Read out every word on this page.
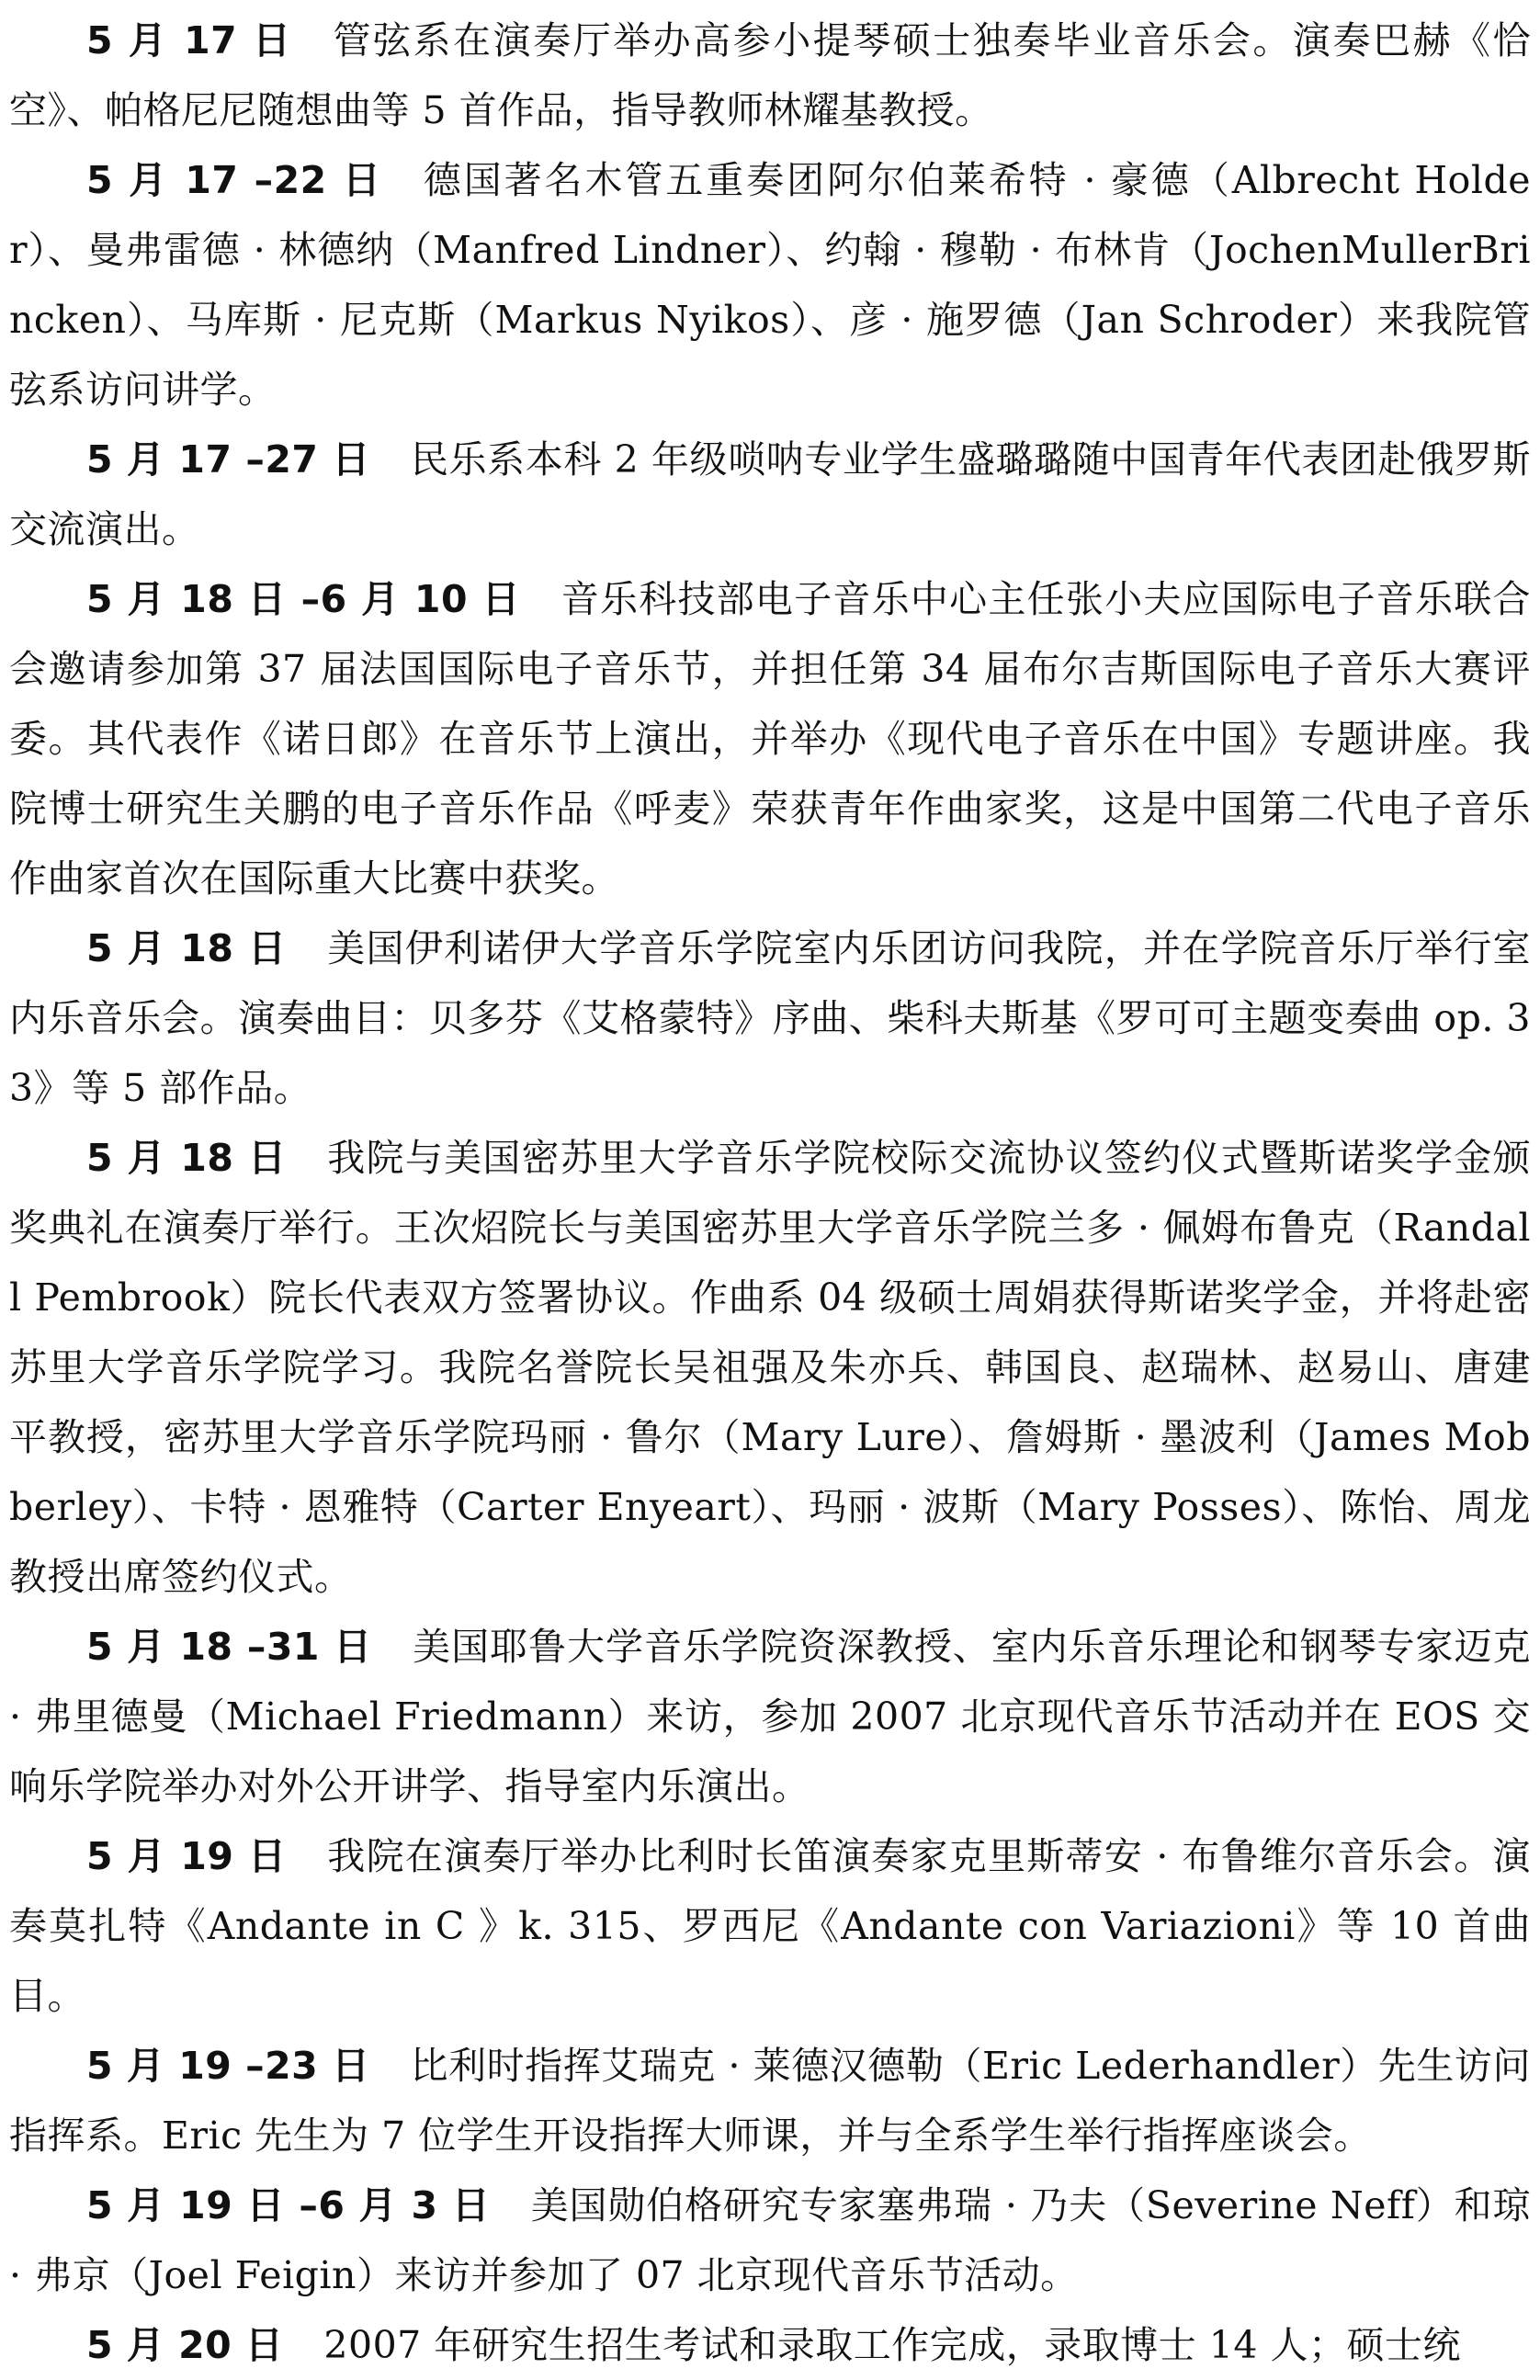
5 月 17 日 管弦系在演奏厅举办高参小提琴硕士独奏毕业音乐会。演奏巴赫《恰空》、帕格尼尼随想曲等 5 首作品，指导教师林耀基教授。

5 月 17 –22 日 德国著名木管五重奏团阿尔伯莱希特 · 豪德（Albrecht Holder）、曼弗雷德 · 林德纳（Manfred Lindner）、约翰 · 穆勒 · 布林肯（JochenMullerBrincken）、马库斯 · 尼克斯（Markus Nyikos）、彦 · 施罗德（Jan Schroder）来我院管弦系访问讲学。

5 月 17 –27 日 民乐系本科 2 年级唢呐专业学生盛璐璐随中国青年代表团赴俄罗斯交流演出。

5 月 18 日 –6 月 10 日 音乐科技部电子音乐中心主任张小夫应国际电子音乐联合会邀请参加第 37 届法国国际电子音乐节，并担任第 34 届布尔吉斯国际电子音乐大赛评委。其代表作《诺日郎》在音乐节上演出，并举办《现代电子音乐在中国》专题讲座。我院博士研究生关鹏的电子音乐作品《呼麦》荣获青年作曲家奖，这是中国第二代电子音乐作曲家首次在国际重大比赛中获奖。

5 月 18 日 美国伊利诺伊大学音乐学院室内乐团访问我院，并在学院音乐厅举行室内乐音乐会。演奏曲目：贝多芬《艾格蒙特》序曲、柴科夫斯基《罗可可主题变奏曲 op. 33》等 5 部作品。

5 月 18 日 我院与美国密苏里大学音乐学院校际交流协议签约仪式暨斯诺奖学金颁奖典礼在演奏厅举行。王次炤院长与美国密苏里大学音乐学院兰多 · 佩姆布鲁克（Randall Pembrook）院长代表双方签署协议。作曲系 04 级硕士周娟获得斯诺奖学金，并将赴密苏里大学音乐学院学习。我院名誉院长吴祖强及朱亦兵、韩国良、赵瑞林、赵易山、唐建平教授，密苏里大学音乐学院玛丽 · 鲁尔（Mary Lure）、詹姆斯 · 墨波利（James Mobberley）、卡特 · 恩雅特（Carter Enyeart）、玛丽 · 波斯（Mary Posses）、陈怡、周龙教授出席签约仪式。

5 月 18 –31 日 美国耶鲁大学音乐学院资深教授、室内乐音乐理论和钢琴专家迈克 · 弗里德曼（Michael Friedmann）来访，参加 2007 北京现代音乐节活动并在 EOS 交响乐学院举办对外公开讲学、指导室内乐演出。

5 月 19 日 我院在演奏厅举办比利时长笛演奏家克里斯蒂安 · 布鲁维尔音乐会。演奏莫扎特《Andante in C 》k. 315、罗西尼《Andante con Variazioni》等 10 首曲目。

5 月 19 –23 日 比利时指挥艾瑞克 · 莱德汉德勒（Eric Lederhandler）先生访问指挥系。Eric 先生为 7 位学生开设指挥大师课，并与全系学生举行指挥座谈会。

5 月 19 日 –6 月 3 日 美国勋伯格研究专家塞弗瑞 · 乃夫（Severine Neff）和琼 · 弗京（Joel Feigin）来访并参加了 07 北京现代音乐节活动。

5 月 20 日 2007 年研究生招生考试和录取工作完成，录取博士 14 人；硕士统
